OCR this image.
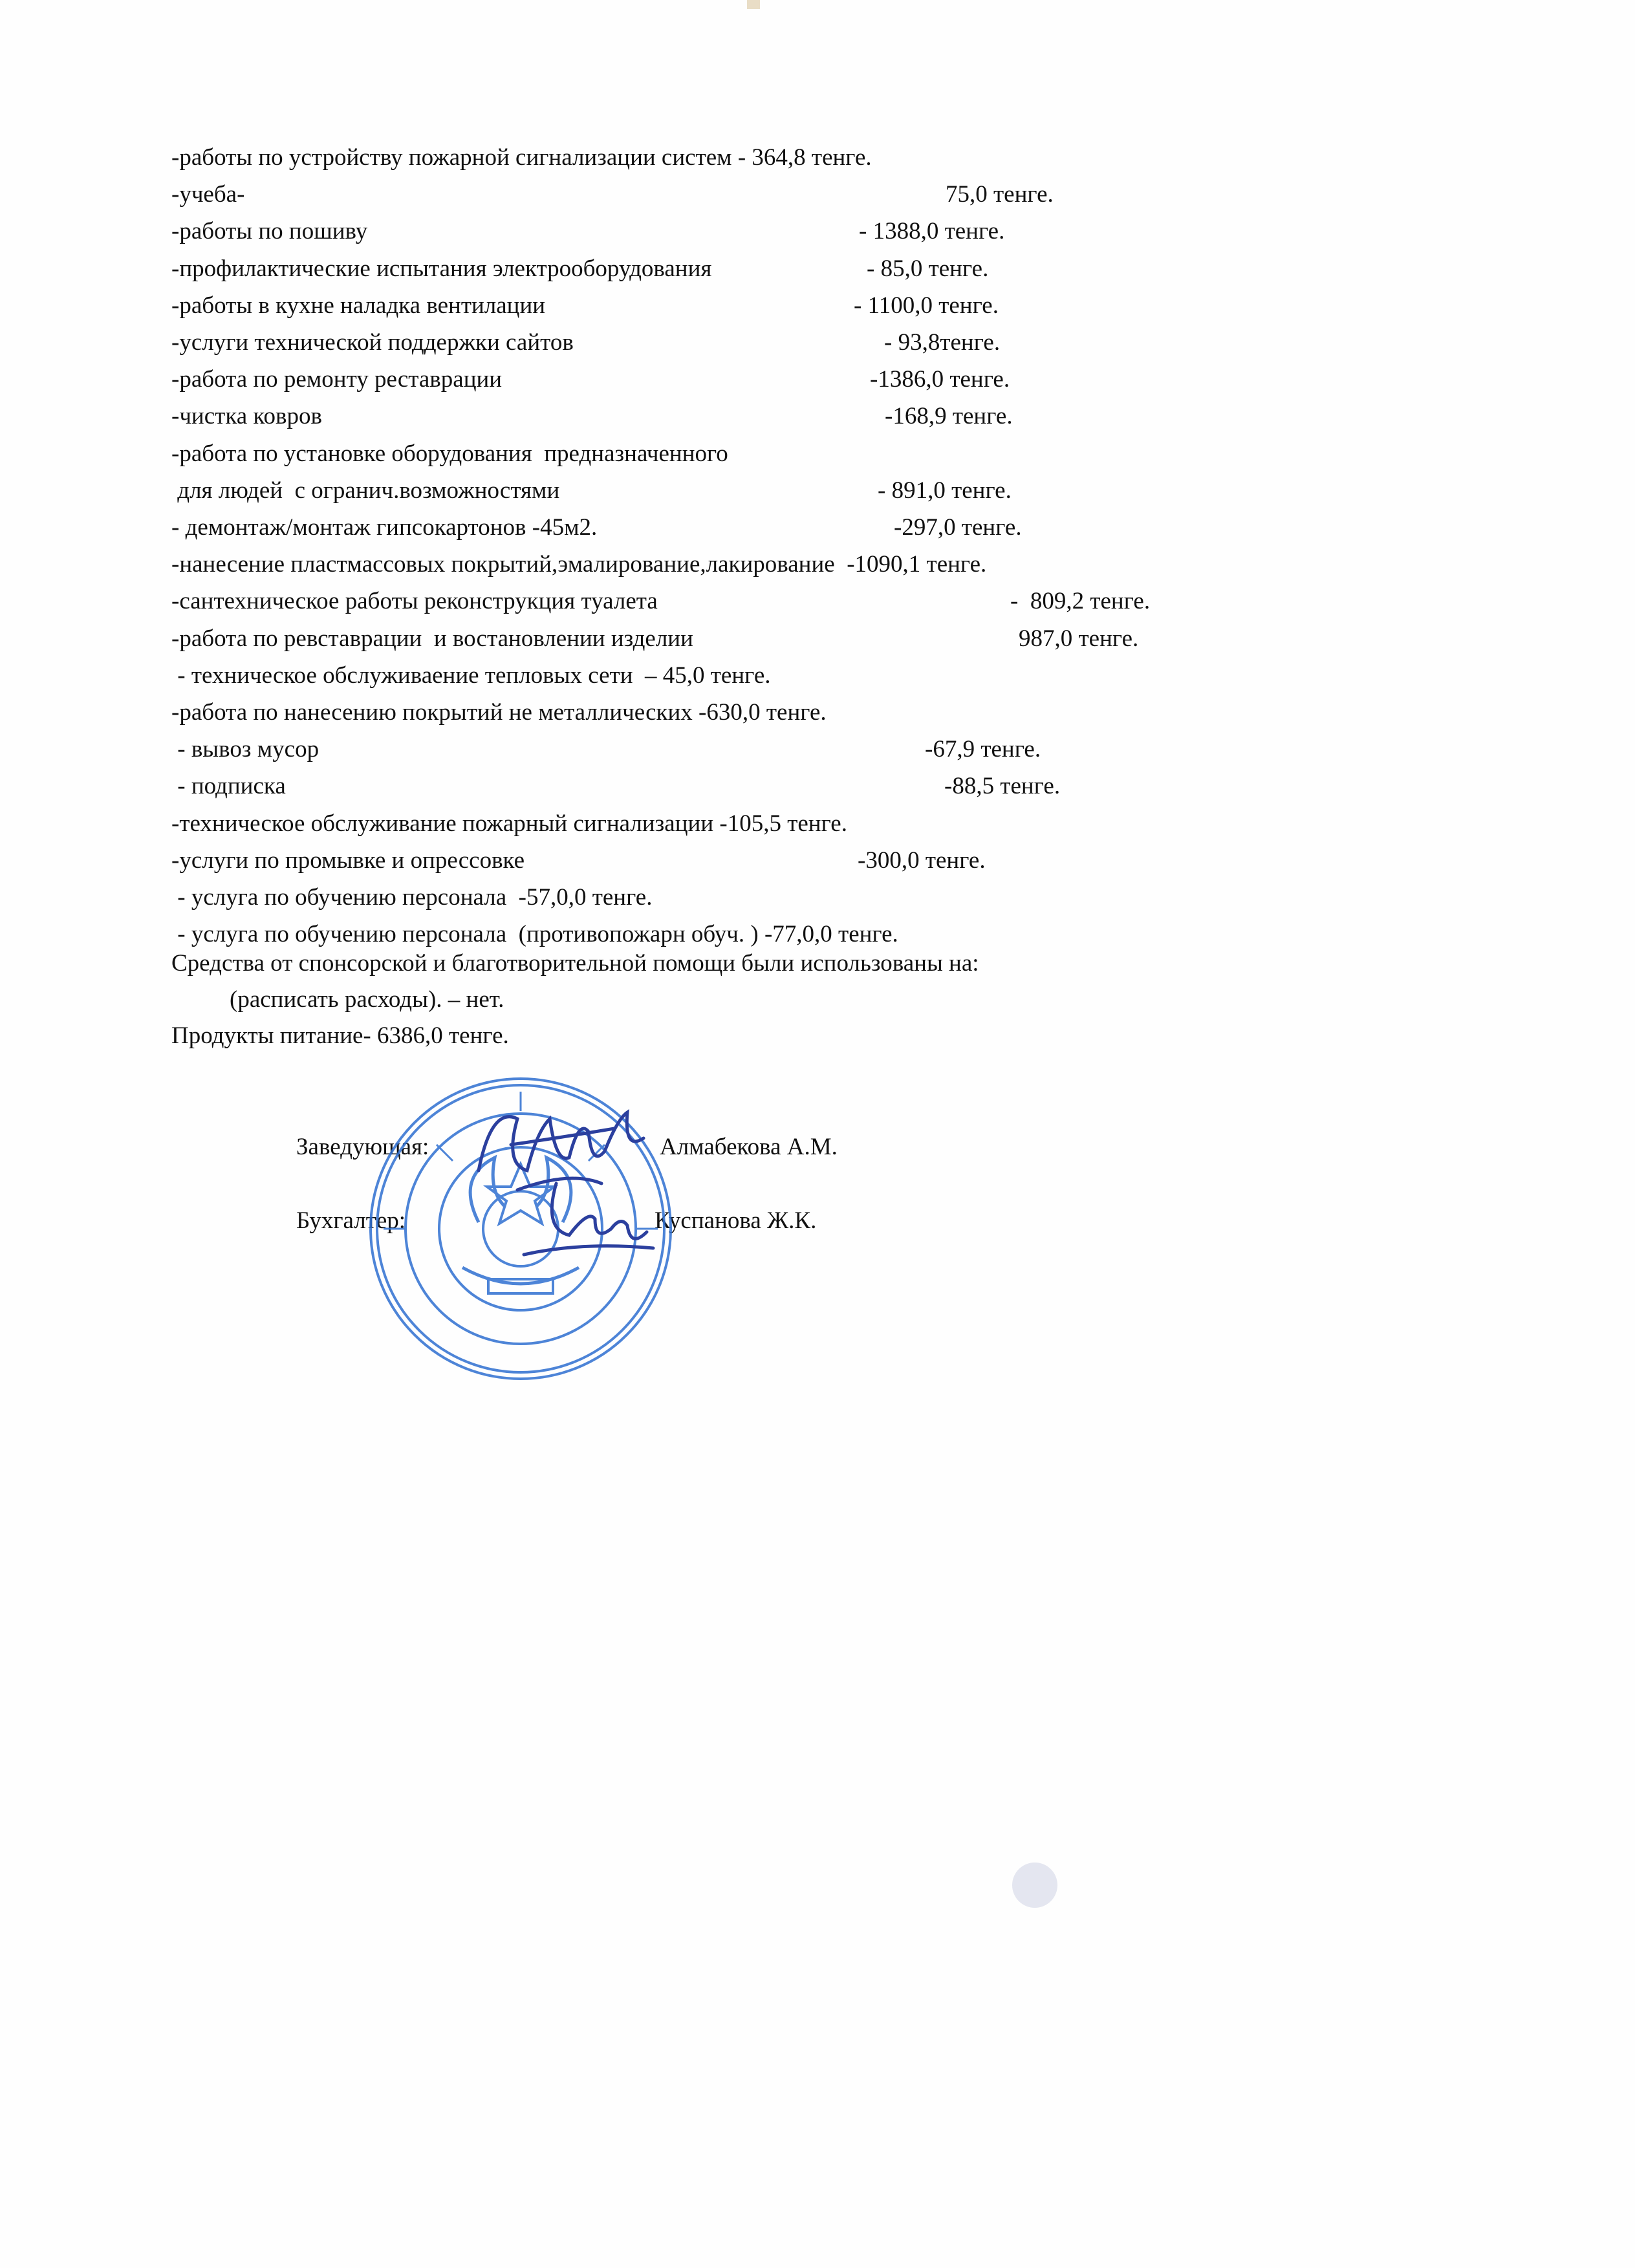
-работы по устройству пожарной сигнализации систем - 364,8 тенге.
-учеба-	75,0 тенге.
-работы по пошиву	- 1388,0 тенге.
-профилактические испытания электрооборудования	- 85,0 тенге.
-работы в кухне наладка вентилации	- 1100,0 тенге.
-услуги технической поддержки сайтов	- 93,8тенге.
-работа по ремонту реставрации	-1386,0 тенге.
-чистка ковров	-168,9 тенге.
-работа по установке оборудования  предназначенного
для людей  с огранич.возможностями	- 891,0 тенге.
- демонтаж/монтаж гипсокартонов -45м2.	-297,0 тенге.
-нанесение пластмассовых покрытий,эмалирование,лакирование  -1090,1 тенге.
-сантехническое работы реконструкция туалета	-  809,2 тенге.
-работа по ревставрации  и востановлении изделии	987,0 тенге.
- техническое обслуживаение тепловых сети  – 45,0 тенге.
-работа по нанесению покрытий не металлических -630,0 тенге.
- вывоз мусор	-67,9 тенге.
- подписка	-88,5 тенге.
-техническое обслуживание пожарный сигнализации -105,5 тенге.
-услуги по промывке и опрессовке	-300,0 тенге.
- услуга по обучению персонала  -57,0,0 тенге.
- услуга по обучению персонала  (противопожарн обуч. ) -77,0,0 тенге.
Средства от спонсорской и благотворительной помощи были использованы на:
(расписать расходы). – нет.
Продукты питание- 6386,0 тенге.
Заведующая:	Алмабекова А.М.
Бухгалтер:	Куспанова Ж.К.
